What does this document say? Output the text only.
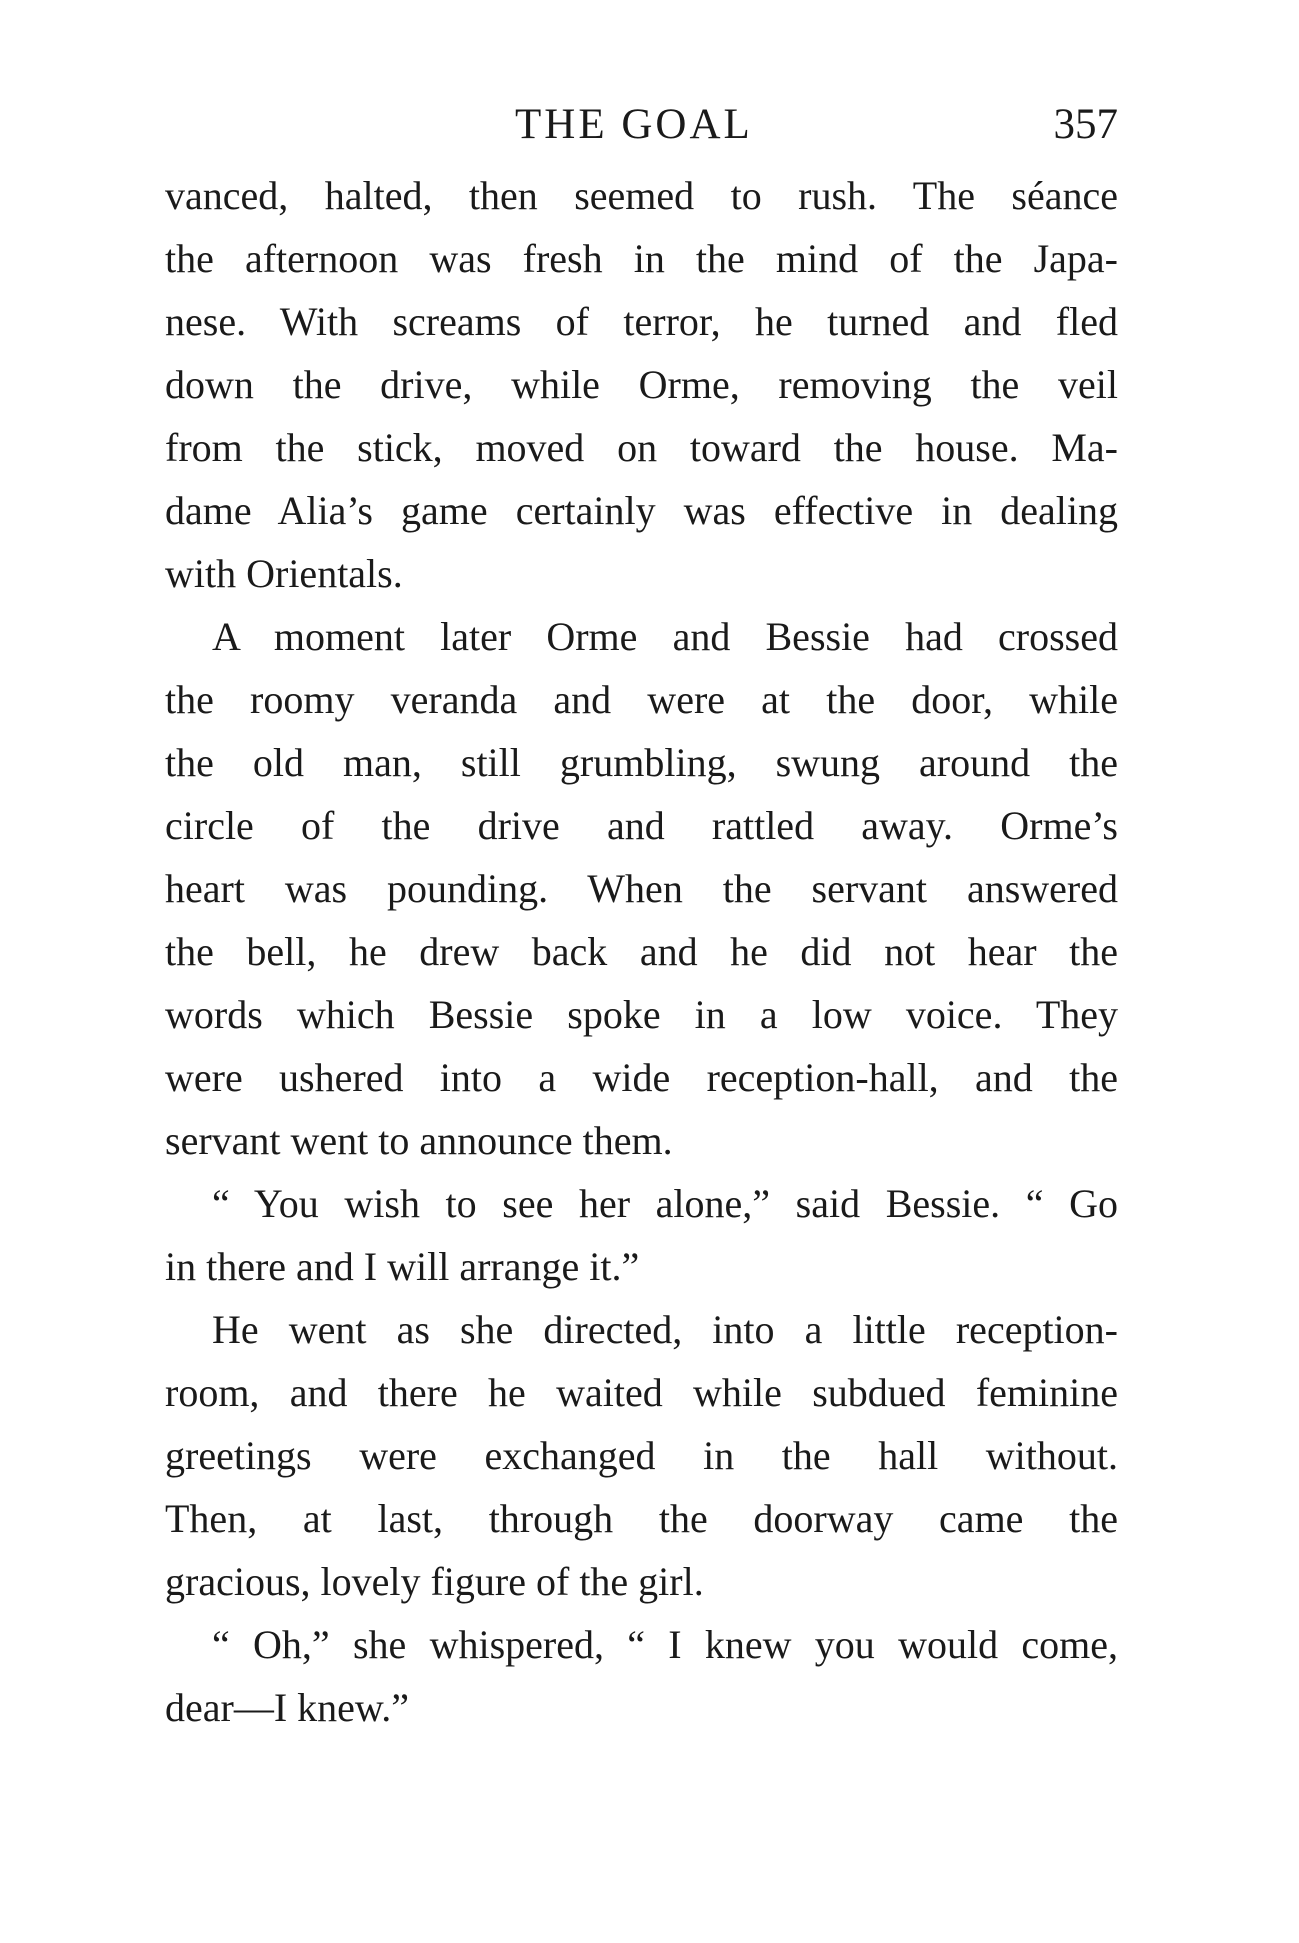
THE GOAL	357
vanced, halted, then seemed to rush. The séance
the afternoon was fresh in the mind of the Japa-
nese. With screams of terror, he turned and fled
down the drive, while Orme, removing the veil
from the stick, moved on toward the house. Ma-
dame Alia’s game certainly was effective in dealing
with Orientals.
A moment later Orme and Bessie had crossed
the roomy veranda and were at the door, while
the old man, still grumbling, swung around the
circle of the drive and rattled away. Orme’s
heart was pounding. When the servant answered
the bell, he drew back and he did not hear the
words which Bessie spoke in a low voice. They
were ushered into a wide reception-hall, and the
servant went to announce them.
“ You wish to see her alone,” said Bessie. “ Go
in there and I will arrange it.”
He went as she directed, into a little reception-
room, and there he waited while subdued feminine
greetings were exchanged in the hall without.
Then, at last, through the doorway came the
gracious, lovely figure of the girl.
“ Oh,” she whispered, “ I knew you would come,
dear—I knew.”
